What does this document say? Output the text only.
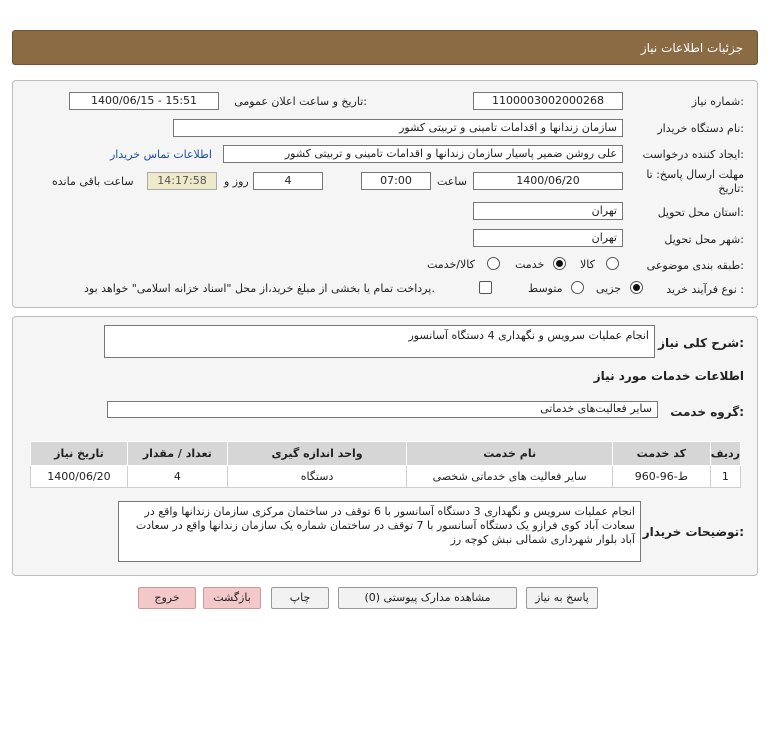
جزئیات اطلاعات نیاز
شماره نیاز:
1100003002000268
تاریخ و ساعت اعلان عمومی:
1400/06/15 - 15:51
نام دستگاه خریدار:
سازمان زندانها و اقدامات تامینی و تربیتی کشور
ایجاد کننده درخواست:
علی روشن ضمیر پاسیار سازمان زندانها و اقدامات تامینی و تربیتی کشور
اطلاعات تماس خریدار
مهلت ارسال پاسخ: تا تاریخ:
1400/06/20
ساعت
07:00
4
روز و
14:17:58
ساعت باقی مانده
استان محل تحویل:
تهران
شهر محل تحویل:
تهران
طبقه بندی موضوعی:
کالا
خدمت
کالا/خدمت
نوع فرآیند خرید :
جزیی
متوسط
پرداخت تمام یا بخشی از مبلغ خرید،از محل "اسناد خزانه اسلامی" خواهد بود.
شرح کلی نیاز:
انجام عملیات سرویس و نگهداری 4 دستگاه آسانسور
اطلاعات خدمات مورد نیاز
گروه خدمت:
سایر فعالیت‌های خدماتی
ردیف	کد خدمت	نام خدمت	واحد اندازه گیری	تعداد / مقدار	تاریخ نیاز
1	ط-96-960	سایر فعالیت های خدماتی شخصی	دستگاه	4	1400/06/20
توضیحات خریدار:
انجام عملیات سرویس و نگهداری 3 دستگاه آسانسور با 6 توقف در ساختمان مرکزی سازمان زندانها واقع در سعادت آباد کوی فرازو یک دستگاه آسانسور با 7 توقف در ساختمان شماره یک سازمان زندانها واقع در سعادت آباد بلوار شهرداری شمالی نبش کوچه رز
پاسخ به نیاز
مشاهده مدارک پیوستی (0)
چاپ
بازگشت
خروج
